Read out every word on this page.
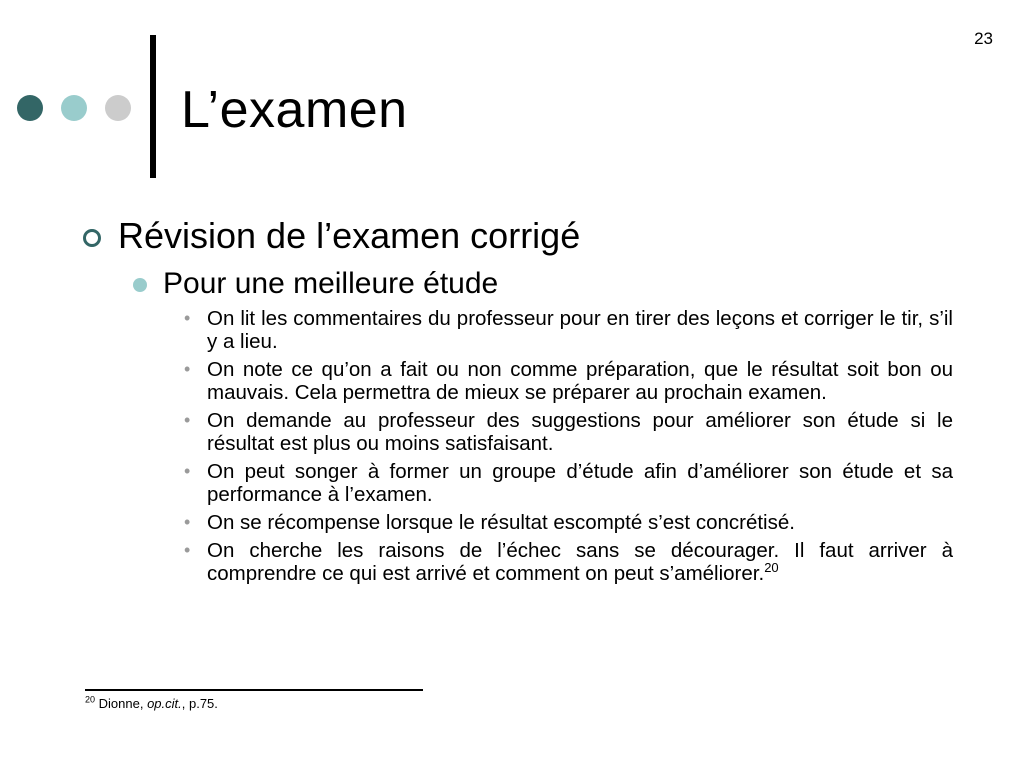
23
L’examen
Révision de l’examen corrigé
Pour une meilleure étude
• On lit les commentaires du professeur pour en tirer des leçons et corriger le tir, s’il y a lieu.
• On note ce qu’on a fait ou non comme préparation, que le résultat soit bon ou mauvais. Cela permettra de mieux se préparer au prochain examen.
• On demande au professeur des suggestions pour améliorer son étude si le résultat est plus ou moins satisfaisant.
• On peut songer à former un groupe d’étude afin d’améliorer son étude et sa performance à l’examen.
• On se récompense lorsque le résultat escompté s’est concrétisé.
• On cherche les raisons de l’échec sans se décourager. Il faut arriver à comprendre ce qui est arrivé et comment on peut s’améliorer.$^{20}$
$^{20}$ Dionne, op.cit., p.75.
